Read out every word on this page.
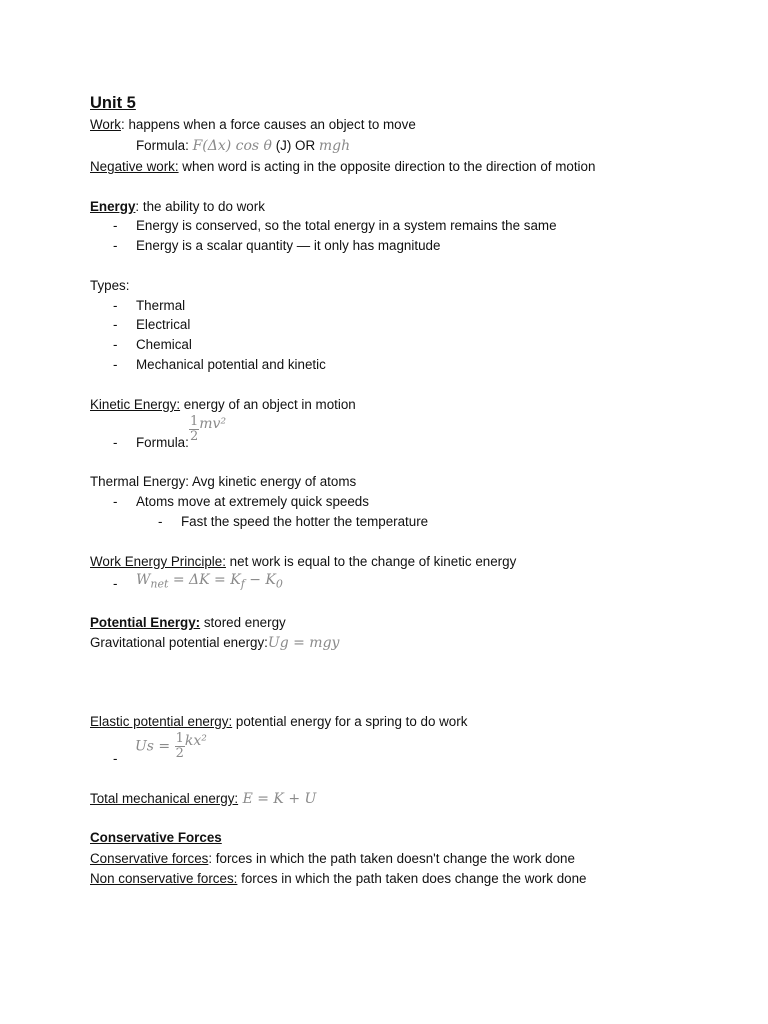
Unit 5
Work: happens when a force causes an object to move
Formula: F(Δx) cos θ (J) OR mgh
Negative work: when word is acting in the opposite direction to the direction of motion
Energy: the ability to do work
- Energy is conserved, so the total energy in a system remains the same
- Energy is a scalar quantity — it only has magnitude
Types:
- Thermal
- Electrical
- Chemical
- Mechanical potential and kinetic
Kinetic Energy: energy of an object in motion
- Formula: $\frac{1}{2} mv^2$
Thermal Energy: Avg kinetic energy of atoms
- Atoms move at extremely quick speeds
- Fast the speed the hotter the temperature
Work Energy Principle: net work is equal to the change of kinetic energy
- $W_{net} = \Delta K = K_f - K_0$
Potential Energy: stored energy
Gravitational potential energy:Ug = mgy
Elastic potential energy: potential energy for a spring to do work
-
$Us = \frac{1}{2} kx^2$
Total mechanical energy: E = K + U
Conservative Forces
Conservative forces: forces in which the path taken doesn't change the work done
Non conservative forces: forces in which the path taken does change the work done
